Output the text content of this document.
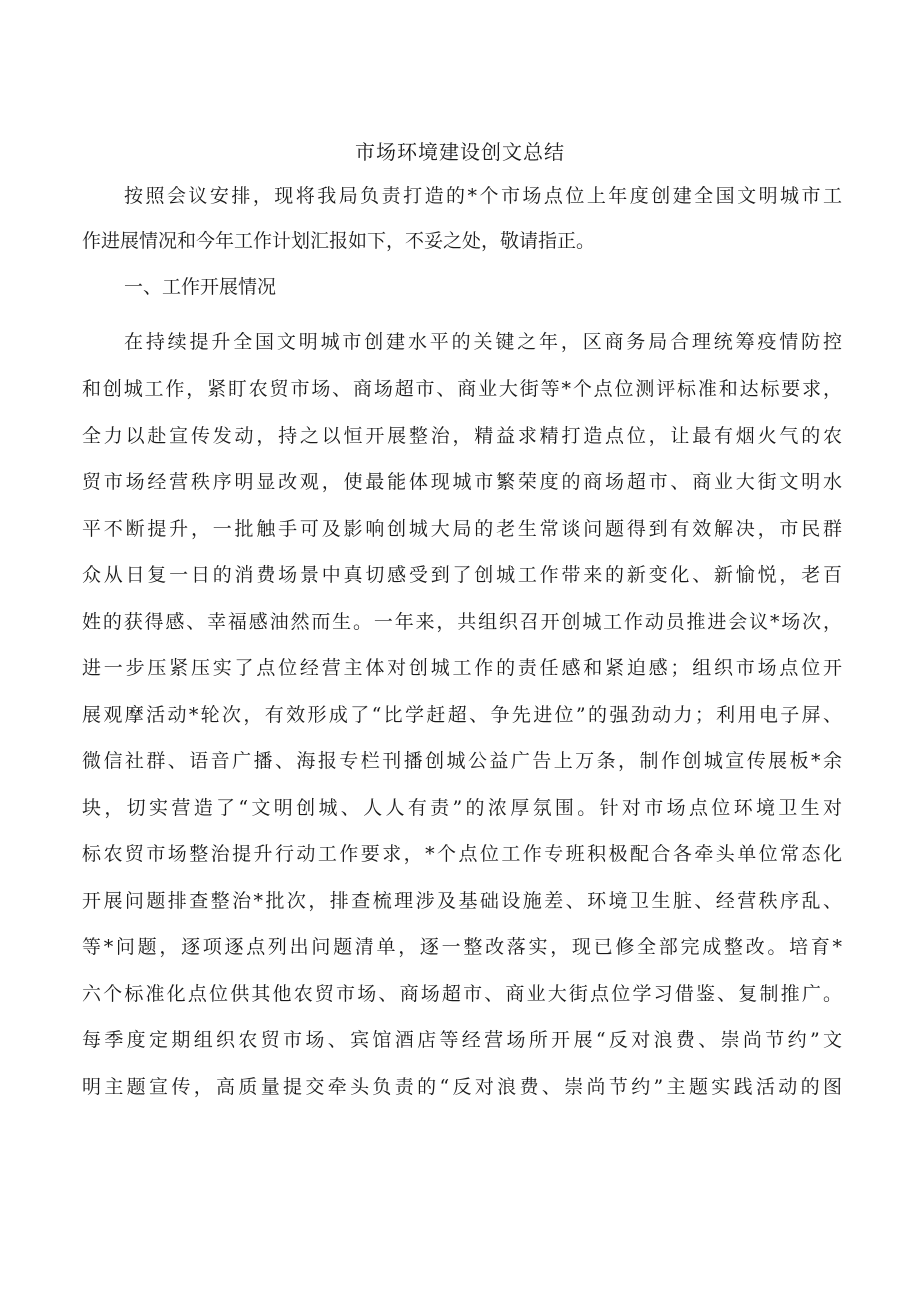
市场环境建设创文总结
按照会议安排，现将我局负责打造的*个市场点位上年度创建全国文明城市工
作进展情况和今年工作计划汇报如下，不妥之处，敬请指正。
一、工作开展情况
在持续提升全国文明城市创建水平的关键之年，区商务局合理统筹疫情防控
和创城工作，紧盯农贸市场、商场超市、商业大街等*个点位测评标准和达标要求，
全力以赴宣传发动，持之以恒开展整治，精益求精打造点位，让最有烟火气的农
贸市场经营秩序明显改观，使最能体现城市繁荣度的商场超市、商业大街文明水
平不断提升，一批触手可及影响创城大局的老生常谈问题得到有效解决，市民群
众从日复一日的消费场景中真切感受到了创城工作带来的新变化、新愉悦，老百
姓的获得感、幸福感油然而生。一年来，共组织召开创城工作动员推进会议*场次，
进一步压紧压实了点位经营主体对创城工作的责任感和紧迫感；组织市场点位开
展观摩活动*轮次，有效形成了“比学赶超、争先进位”的强劲动力；利用电子屏、
微信社群、语音广播、海报专栏刊播创城公益广告上万条，制作创城宣传展板*余
块，切实营造了“文明创城、人人有责”的浓厚氛围。针对市场点位环境卫生对
标农贸市场整治提升行动工作要求，*个点位工作专班积极配合各牵头单位常态化
开展问题排查整治*批次，排查梳理涉及基础设施差、环境卫生脏、经营秩序乱、
等*问题，逐项逐点列出问题清单，逐一整改落实，现已修全部完成整改。培育*
六个标准化点位供其他农贸市场、商场超市、商业大街点位学习借鉴、复制推广。
每季度定期组织农贸市场、宾馆酒店等经营场所开展“反对浪费、崇尚节约”文
明主题宣传，高质量提交牵头负责的“反对浪费、崇尚节约”主题实践活动的图
